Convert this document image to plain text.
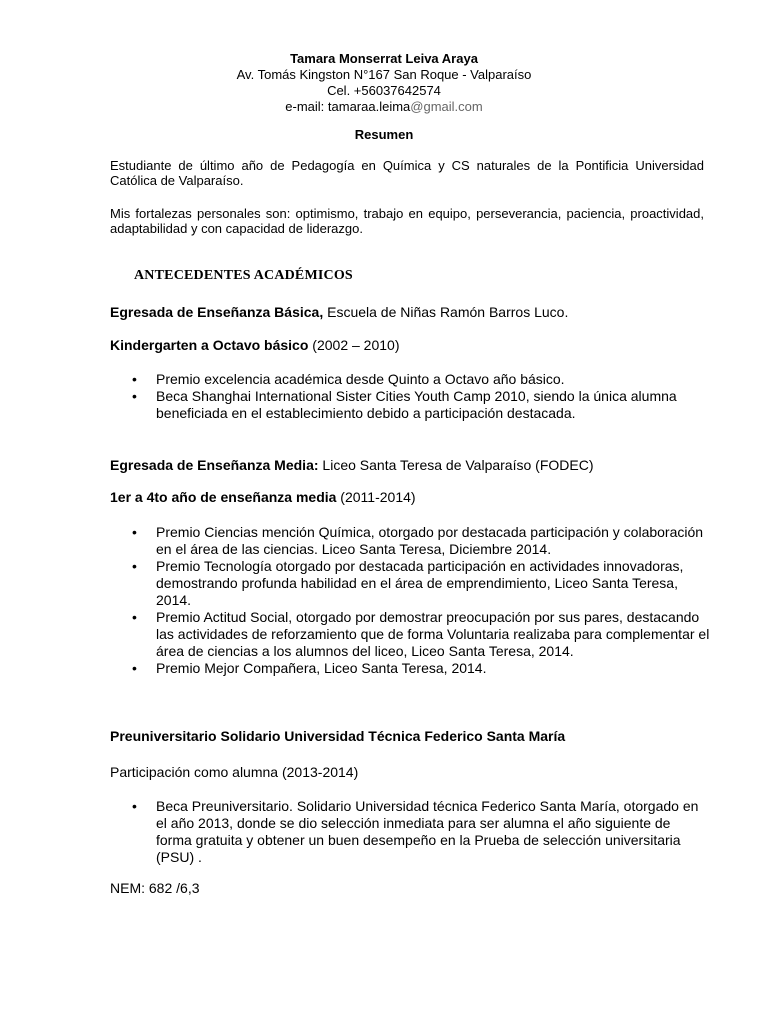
Tamara Monserrat Leiva Araya
Av. Tomás Kingston N°167 San Roque - Valparaíso
Cel. +56037642574
e-mail: tamaraa.leima@gmail.com
Resumen
Estudiante de último año de Pedagogía en Química y CS naturales de la Pontificia Universidad Católica de Valparaíso.
Mis fortalezas personales son: optimismo, trabajo en equipo, perseverancia, paciencia, proactividad, adaptabilidad y con capacidad de liderazgo.
ANTECEDENTES ACADÉMICOS
Egresada de Enseñanza Básica, Escuela de Niñas Ramón Barros Luco.
Kindergarten a Octavo básico (2002 – 2010)
• Premio excelencia académica desde Quinto a Octavo año básico.
• Beca Shanghai International Sister Cities Youth Camp 2010, siendo la única alumna beneficiada en el establecimiento debido a participación destacada.
Egresada de Enseñanza Media: Liceo Santa Teresa de Valparaíso (FODEC)
1er a 4to año de enseñanza media (2011-2014)
• Premio Ciencias mención Química, otorgado por destacada participación y colaboración en el área de las ciencias. Liceo Santa Teresa, Diciembre 2014.
• Premio Tecnología otorgado por destacada participación en actividades innovadoras, demostrando profunda habilidad en el área de emprendimiento, Liceo Santa Teresa, 2014.
• Premio Actitud Social, otorgado por demostrar preocupación por sus pares, destacando las actividades de reforzamiento que de forma Voluntaria realizaba para complementar el área de ciencias a los alumnos del liceo, Liceo Santa Teresa, 2014.
• Premio Mejor Compañera, Liceo Santa Teresa, 2014.
Preuniversitario Solidario Universidad Técnica Federico Santa María
Participación como alumna (2013-2014)
• Beca Preuniversitario. Solidario Universidad técnica Federico Santa María, otorgado en el año 2013, donde se dio selección inmediata para ser alumna el año siguiente de forma gratuita y obtener un buen desempeño en la Prueba de selección universitaria (PSU) .
NEM: 682 /6,3
